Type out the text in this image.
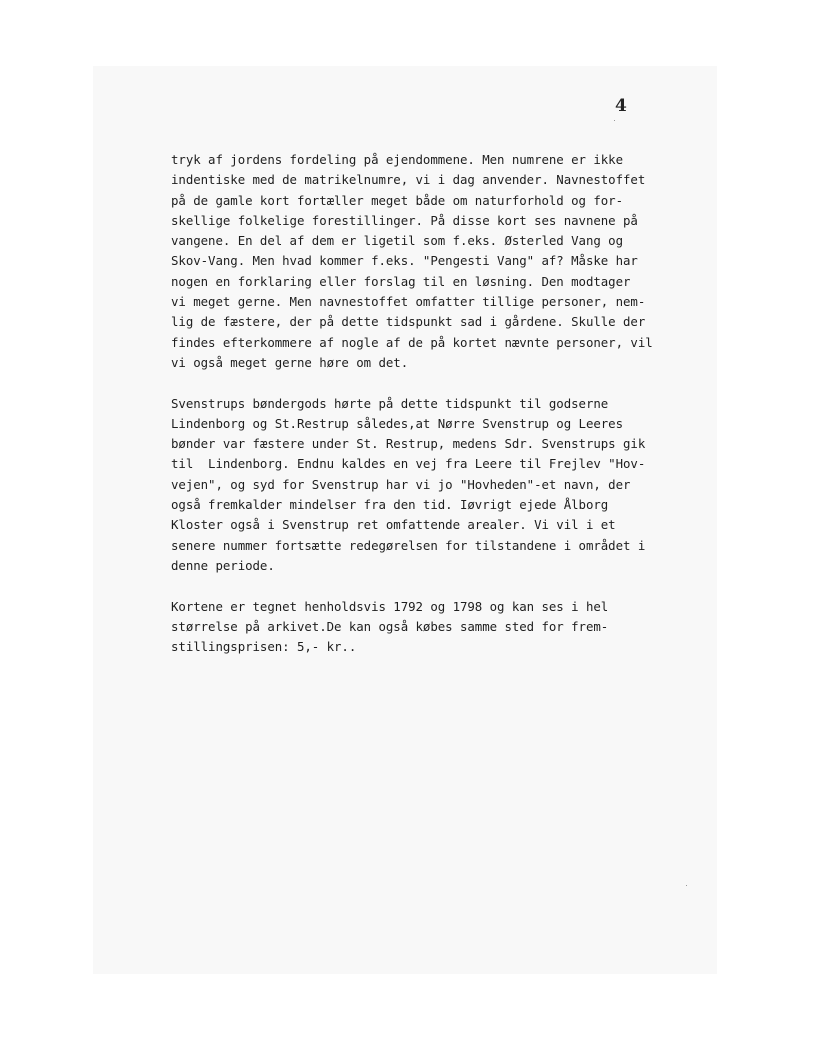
4
tryk af jordens fordeling på ejendommene. Men numrene er ikke
indentiske med de matrikelnumre, vi i dag anvender. Navnestoffet
på de gamle kort fortæller meget både om naturforhold og for-
skellige folkelige forestillinger. På disse kort ses navnene på
vangene. En del af dem er ligetil som f.eks. Østerled Vang og
Skov-Vang. Men hvad kommer f.eks. "Pengesti Vang" af? Måske har
nogen en forklaring eller forslag til en løsning. Den modtager
vi meget gerne. Men navnestoffet omfatter tillige personer, nem-
lig de fæstere, der på dette tidspunkt sad i gårdene. Skulle der
findes efterkommere af nogle af de på kortet nævnte personer, vil
vi også meget gerne høre om det.
Svenstrups bøndergods hørte på dette tidspunkt til godserne
Lindenborg og St.Restrup således,at Nørre Svenstrup og Leeres
bønder var fæstere under St. Restrup, medens Sdr. Svenstrups gik
til  Lindenborg. Endnu kaldes en vej fra Leere til Frejlev "Hov-
vejen", og syd for Svenstrup har vi jo "Hovheden"-et navn, der
også fremkalder mindelser fra den tid. Iøvrigt ejede Ålborg
Kloster også i Svenstrup ret omfattende arealer. Vi vil i et
senere nummer fortsætte redegørelsen for tilstandene i området i
denne periode.
Kortene er tegnet henholdsvis 1792 og 1798 og kan ses i hel
størrelse på arkivet.De kan også købes samme sted for frem-
stillingsprisen: 5,- kr..
